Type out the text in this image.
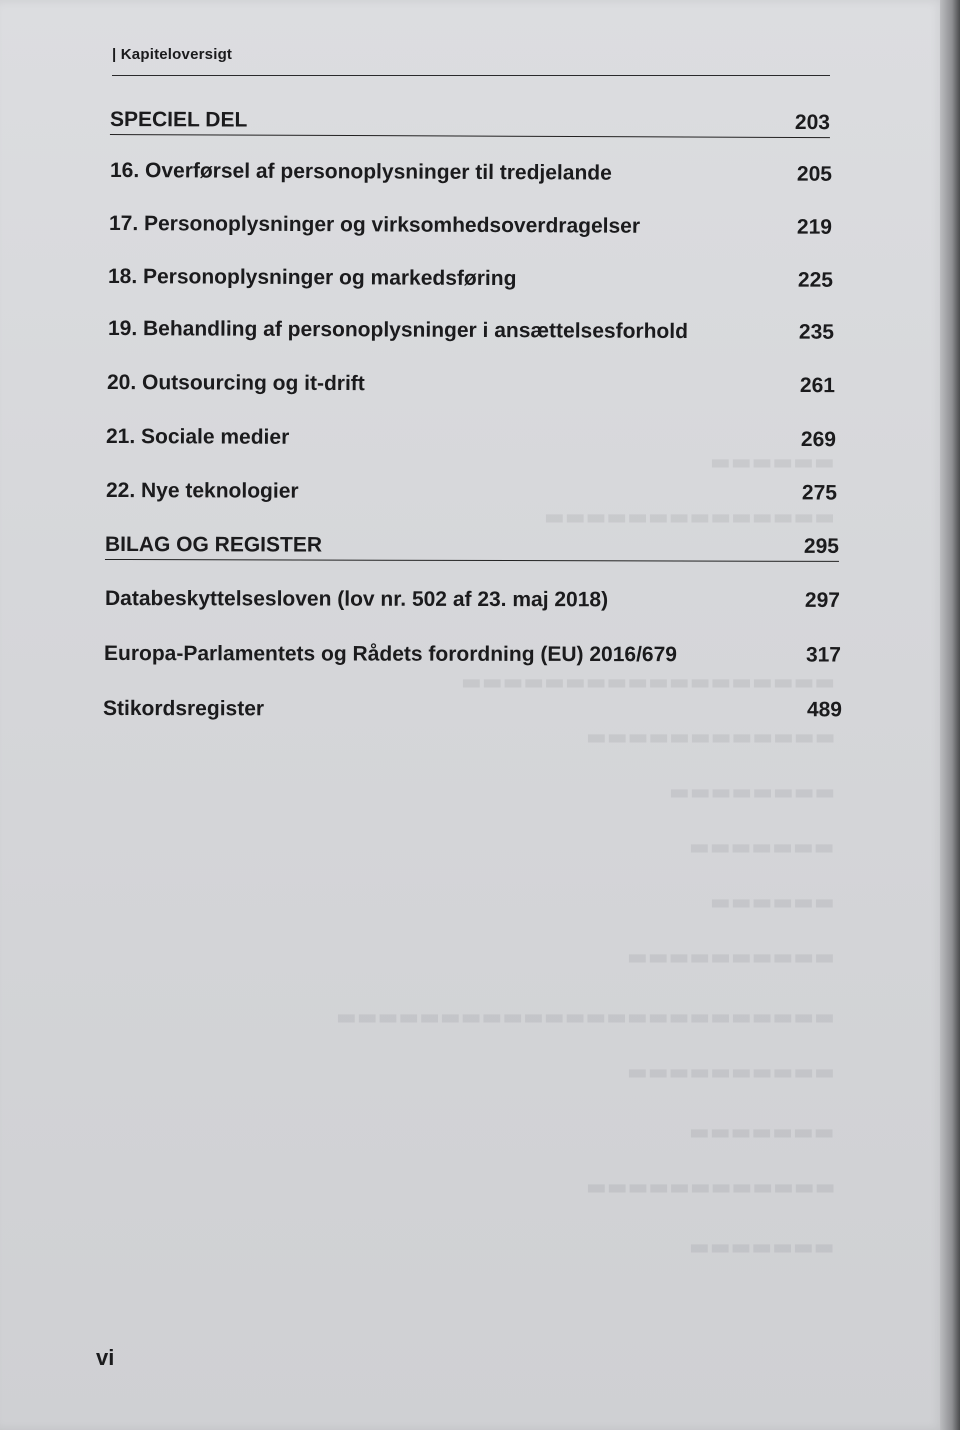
▬▬▬▬▬▬
▬▬▬▬▬▬▬▬▬▬▬▬▬▬
▬▬▬▬▬▬▬▬▬▬▬▬▬▬▬▬▬▬
▬▬▬▬▬▬▬▬▬▬▬▬
▬▬▬▬▬▬▬▬
▬▬▬▬▬▬▬
▬▬▬▬▬▬
▬▬▬▬▬▬▬▬▬▬
▬▬▬▬▬▬▬▬▬▬▬▬▬▬▬▬▬▬▬▬▬▬▬▬
▬▬▬▬▬▬▬▬▬▬
▬▬▬▬▬▬▬
▬▬▬▬▬▬▬▬▬▬▬▬
▬▬▬▬▬▬▬
| Kapiteloversigt
SPECIEL DEL	203
16. Overførsel af personoplysninger til tredjelande	205
17. Personoplysninger og virksomhedsoverdragelser	219
18. Personoplysninger og markedsføring	225
19. Behandling af personoplysninger i ansættelsesforhold	235
20. Outsourcing og it-drift	261
21. Sociale medier	269
22. Nye teknologier	275
BILAG OG REGISTER	295
Databeskyttelsesloven (lov nr. 502 af 23. maj 2018)	297
Europa-Parlamentets og Rådets forordning (EU) 2016/679	317
Stikordsregister	489
vi
